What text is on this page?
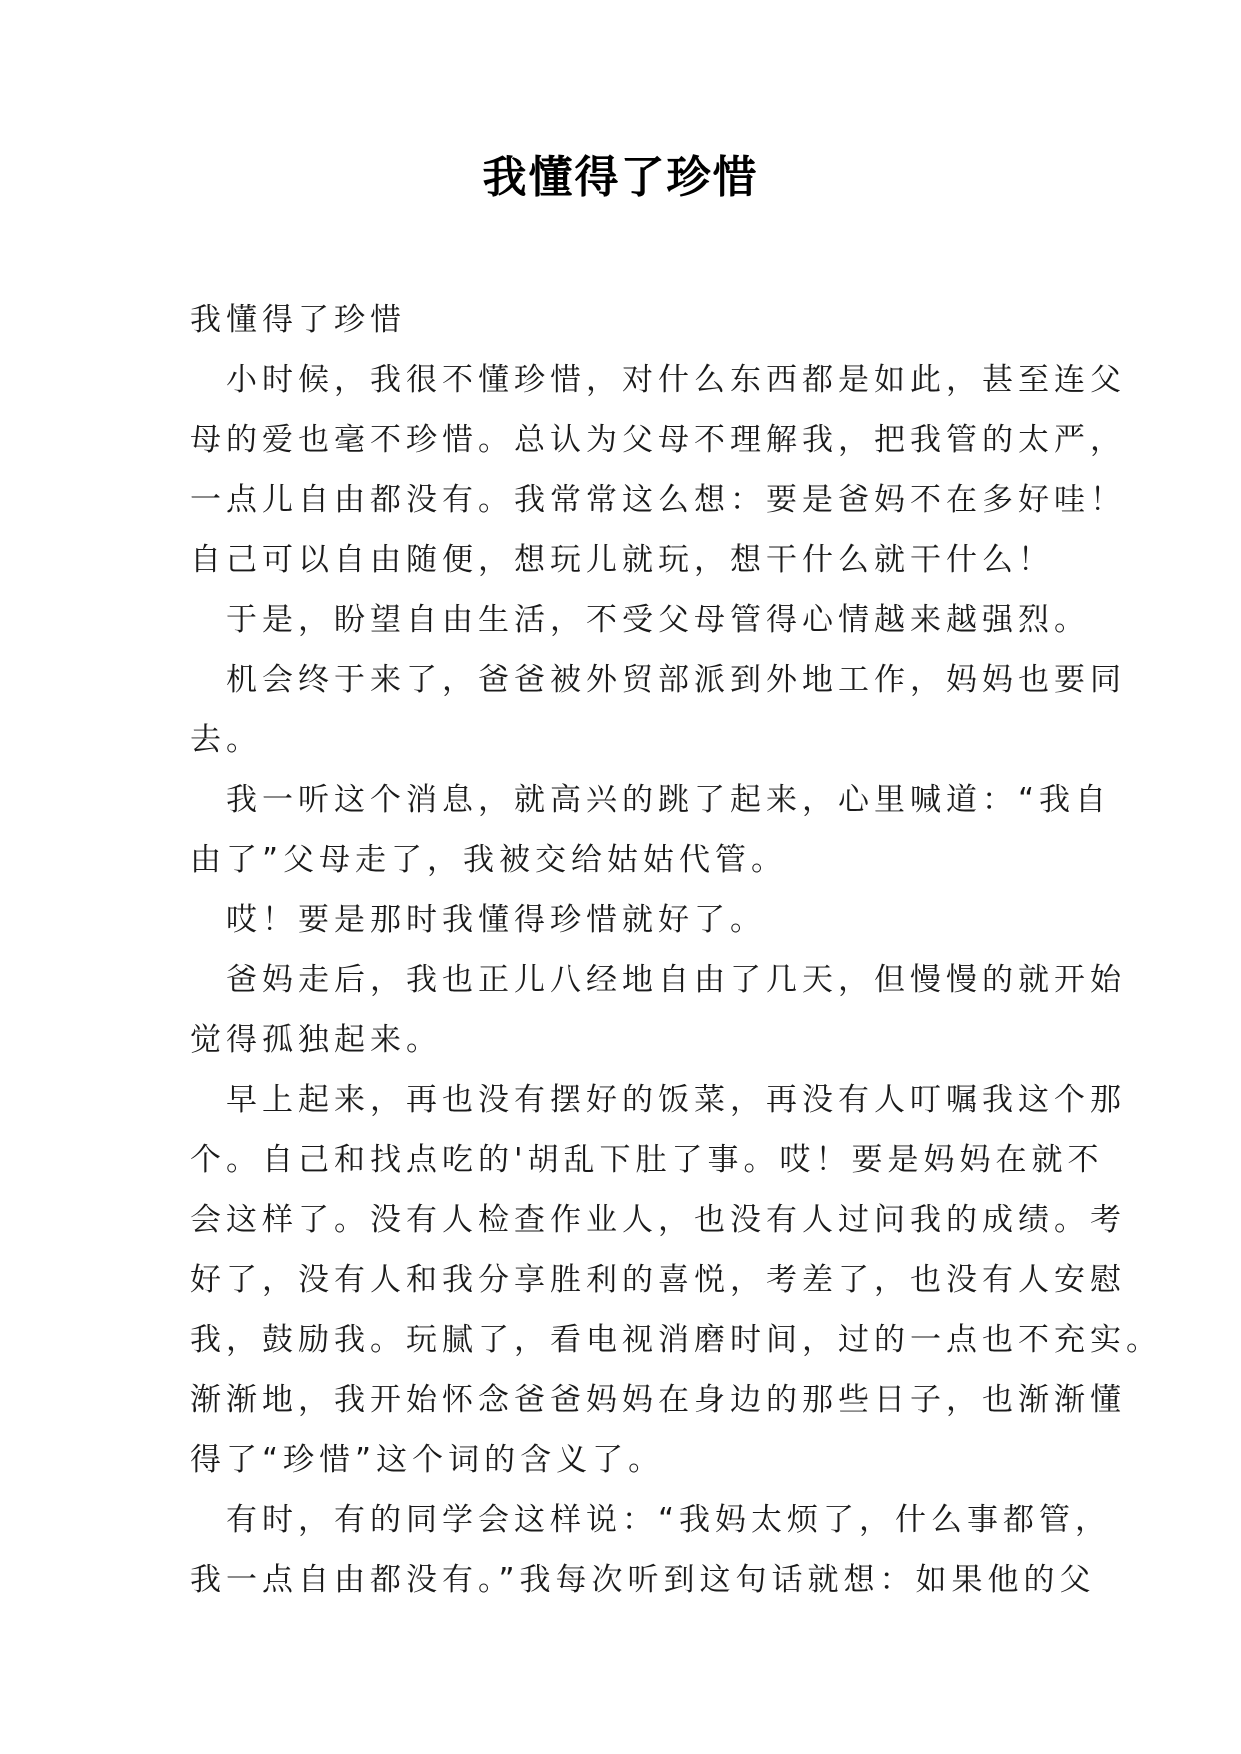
我懂得了珍惜
我懂得了珍惜
小时候，我很不懂珍惜，对什么东西都是如此，甚至连父
母的爱也毫不珍惜。总认为父母不理解我，把我管的太严，
一点儿自由都没有。我常常这么想：要是爸妈不在多好哇！
自己可以自由随便，想玩儿就玩，想干什么就干什么！
于是，盼望自由生活，不受父母管得心情越来越强烈。
机会终于来了，爸爸被外贸部派到外地工作，妈妈也要同
去。
我一听这个消息，就高兴的跳了起来，心里喊道：“我自
由了”父母走了，我被交给姑姑代管。
哎！要是那时我懂得珍惜就好了。
爸妈走后，我也正儿八经地自由了几天，但慢慢的就开始
觉得孤独起来。
早上起来，再也没有摆好的饭菜，再没有人叮嘱我这个那
个。自己和找点吃的'胡乱下肚了事。哎！要是妈妈在就不
会这样了。没有人检查作业人，也没有人过问我的成绩。考
好了，没有人和我分享胜利的喜悦，考差了，也没有人安慰
我，鼓励我。玩腻了，看电视消磨时间，过的一点也不充实。
渐渐地，我开始怀念爸爸妈妈在身边的那些日子，也渐渐懂
得了“珍惜”这个词的含义了。
有时，有的同学会这样说：“我妈太烦了，什么事都管，
我一点自由都没有。”我每次听到这句话就想：如果他的父
